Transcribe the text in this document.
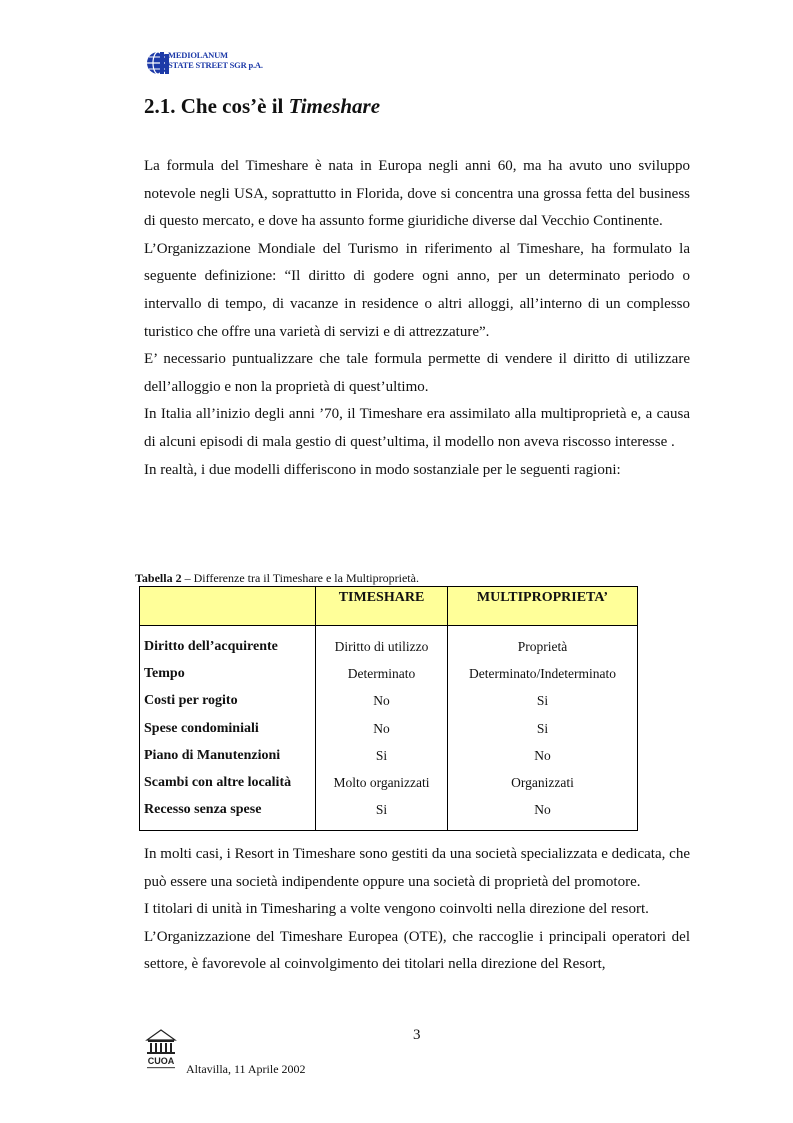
MEDIOLANUM
STATE STREET SGR p.A.
2.1. Che cos’è il Timeshare

La formula del Timeshare è nata in Europa negli anni 60, ma ha avuto uno sviluppo notevole negli USA, soprattutto in Florida, dove si concentra una grossa fetta del business di questo mercato, e dove ha assunto forme giuridiche diverse dal Vecchio Continente.

L’Organizzazione Mondiale del Turismo in riferimento al Timeshare, ha formulato la seguente definizione: “Il diritto di godere ogni anno, per un determinato periodo o intervallo di tempo, di vacanze in residence o altri alloggi, all’interno di un complesso turistico che offre una varietà di servizi e di attrezzature”.

E’ necessario puntualizzare che tale formula permette di vendere il diritto di utilizzare dell’alloggio e non la proprietà di quest’ultimo.

In Italia all’inizio degli anni ’70, il Timeshare era assimilato alla multiproprietà e, a causa di alcuni episodi di mala gestio di quest’ultima, il modello non aveva riscosso interesse .

In realtà, i due modelli differiscono in modo sostanziale per le seguenti ragioni:

Tabella 2 – Differenze tra il Timeshare e la Multiproprietà.
	TIMESHARE	MULTIPROPRIETA’
Diritto dell’acquirente	Diritto di utilizzo	Proprietà
Tempo	Determinato	Determinato/Indeterminato
Costi per rogito	No	Si
Spese condominiali	No	Si
Piano di Manutenzioni	Si	No
Scambi con altre località	Molto organizzati	Organizzati
Recesso senza spese	Si	No

In molti casi, i Resort in Timeshare sono gestiti da una società specializzata e dedicata, che può essere una società indipendente oppure una società di proprietà del promotore.

I titolari di unità in Timesharing a volte vengono coinvolti nella direzione del resort.

L’Organizzazione del Timeshare Europea (OTE), che raccoglie i principali operatori del settore, è favorevole al coinvolgimento dei titolari nella direzione del Resort,

3
CUOA
Altavilla, 11 Aprile 2002
